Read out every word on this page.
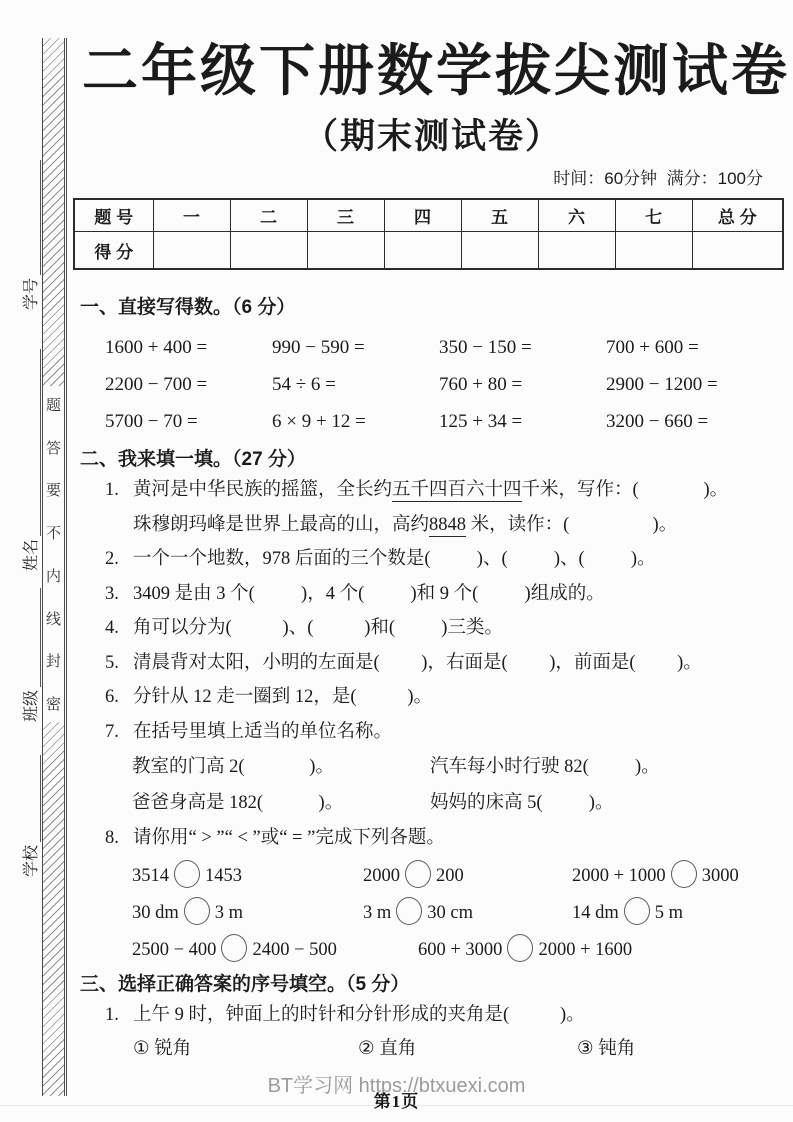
学号
姓名
班级
学校
题
答
要
不
内
线
封
密
二年级下册数学拔尖测试卷
（期末测试卷）
时间：60分钟  满分：100分
题 号	一	二	三	四	五	六	七	总 分
得 分								
一、直接写得数。（6 分）
1600 + 400 =	990 − 590 =	350 − 150 =	700 + 600 =
2200 − 700 =	54 ÷ 6 =	760 + 80 =	2900 − 1200 =
5700 − 70 =	6 × 9 + 12 =	125 + 34 =	3200 − 660 =
二、我来填一填。（27 分）
1. 黄河是中华民族的摇篮，全长约五千四百六十四千米，写作：(              )。
珠穆朗玛峰是世界上最高的山，高约8848 米，读作：(                  )。
2. 一个一个地数，978 后面的三个数是(          )、(          )、(          )。
3. 3409 是由 3 个(          )，4 个(          )和 9 个(          )组成的。
4. 角可以分为(           )、(           )和(          )三类。
5. 清晨背对太阳，小明的左面是(         )，右面是(         )，前面是(         )。
6. 分针从 12 走一圈到 12，是(           )。
7. 在括号里填上适当的单位名称。
教室的门高 2(              )。	汽车每小时行驶 82(          )。
爸爸身高是 182(            )。	妈妈的床高 5(          )。
8. 请你用“ > ”“ < ”或“ = ”完成下列各题。
3514 1453	2000 200	2000 + 1000 3000
30 dm 3 m	3 m 30 cm	14 dm 5 m
2500 − 400 2400 − 500	600 + 3000 2000 + 1600
三、选择正确答案的序号填空。（5 分）
1. 上午 9 时，钟面上的时针和分针形成的夹角是(           )。
① 锐角	② 直角	③ 钝角
BT学习网 https://btxuexi.com
第1页
